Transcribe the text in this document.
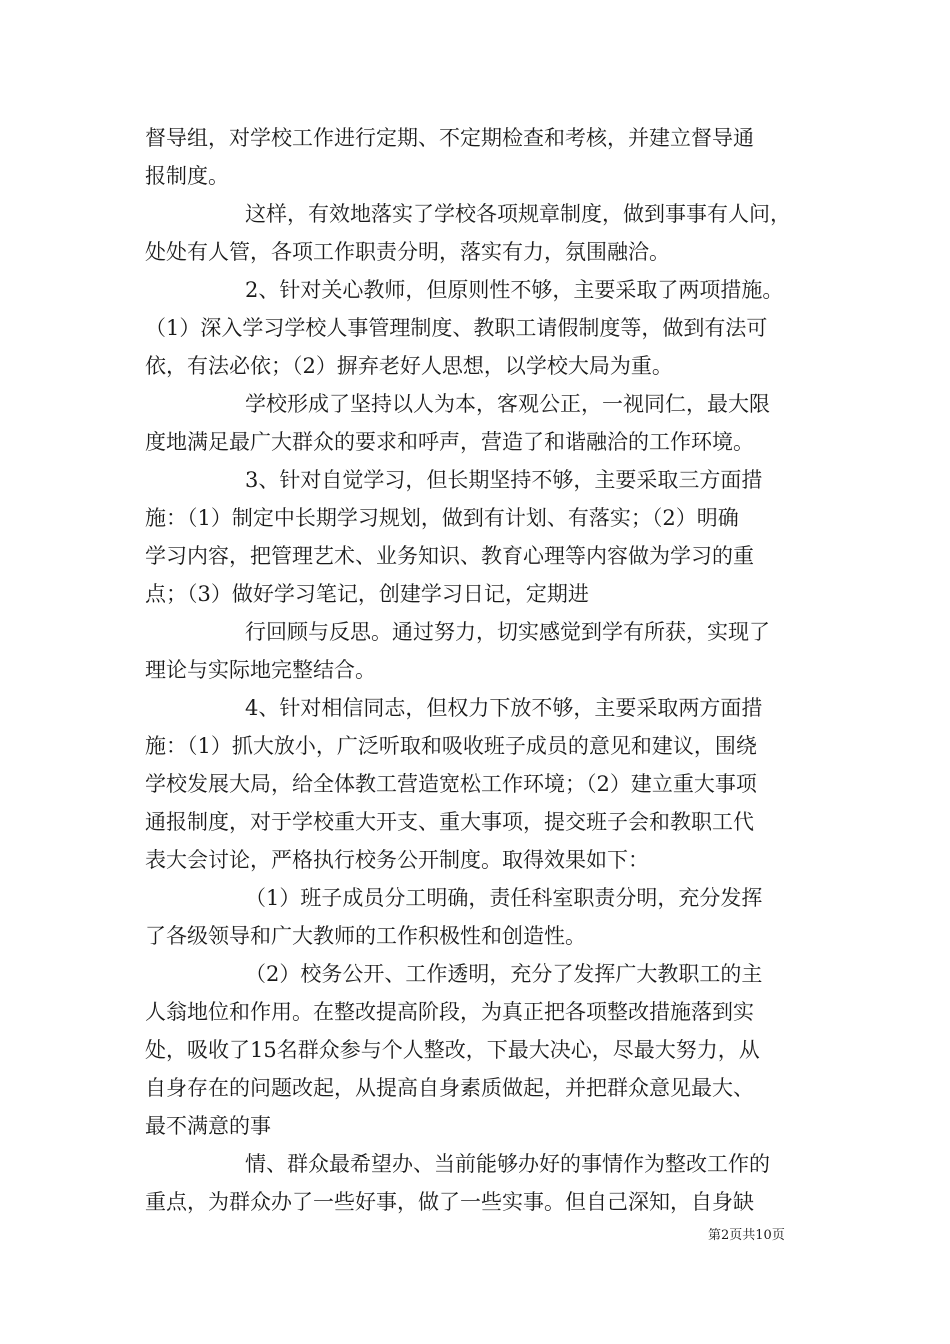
督导组，对学校工作进行定期、不定期检查和考核，并建立督导通
报制度。
这样，有效地落实了学校各项规章制度，做到事事有人问，
处处有人管，各项工作职责分明，落实有力，氛围融洽。
2、针对关心教师，但原则性不够，主要采取了两项措施。
（1）深入学习学校人事管理制度、教职工请假制度等，做到有法可
依，有法必依；（2）摒弃老好人思想，以学校大局为重。
学校形成了坚持以人为本，客观公正，一视同仁，最大限
度地满足最广大群众的要求和呼声，营造了和谐融洽的工作环境。
3、针对自觉学习，但长期坚持不够，主要采取三方面措
施：（1）制定中长期学习规划，做到有计划、有落实；（2）明确
学习内容，把管理艺术、业务知识、教育心理等内容做为学习的重
点；（3）做好学习笔记，创建学习日记，定期进
行回顾与反思。通过努力，切实感觉到学有所获，实现了
理论与实际地完整结合。
4、针对相信同志，但权力下放不够，主要采取两方面措
施：（1）抓大放小，广泛听取和吸收班子成员的意见和建议，围绕
学校发展大局，给全体教工营造宽松工作环境；（2）建立重大事项
通报制度，对于学校重大开支、重大事项，提交班子会和教职工代
表大会讨论，严格执行校务公开制度。取得效果如下：
（1）班子成员分工明确，责任科室职责分明，充分发挥
了各级领导和广大教师的工作积极性和创造性。
（2）校务公开、工作透明，充分了发挥广大教职工的主
人翁地位和作用。在整改提高阶段，为真正把各项整改措施落到实
处，吸收了15名群众参与个人整改，下最大决心，尽最大努力，从
自身存在的问题改起，从提高自身素质做起，并把群众意见最大、
最不满意的事
情、群众最希望办、当前能够办好的事情作为整改工作的
重点，为群众办了一些好事，做了一些实事。但自己深知，自身缺
第2页共10页
